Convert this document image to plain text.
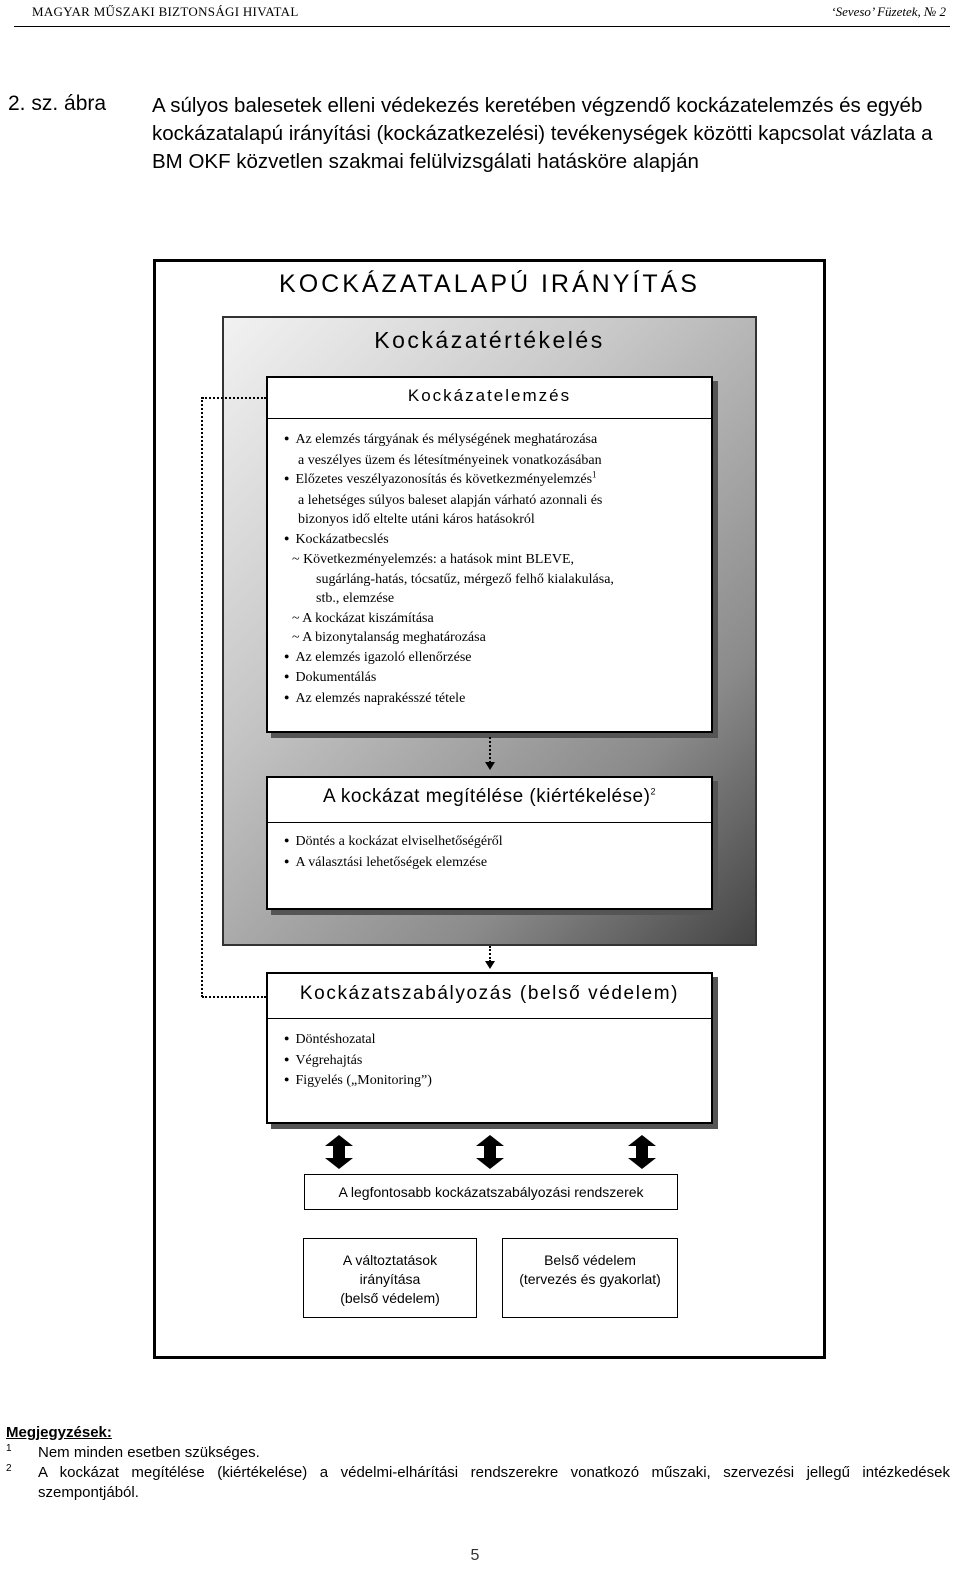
MAGYAR MŰSZAKI BIZTONSÁGI HIVATAL	‘Seveso’ Füzetek, № 2
2. sz. ábra A súlyos balesetek elleni védekezés keretében végzendő kockázatelemzés és egyéb kockázatalapú irányítási (kockázatkezelési) tevékenységek közötti kapcsolat vázlata a BM OKF közvetlen szakmai felülvizsgálati hatásköre alapján
KOCKÁZATALAPÚ IRÁNYÍTÁS
Kockázatértékelés
Kockázatelemzés
● Az elemzés tárgyának és mélységének meghatározása
a veszélyes üzem és létesítményeinek vonatkozásában
● Előzetes veszélyazonosítás és következményelemzés$^1$
a lehetséges súlyos baleset alapján várható azonnali és
bizonyos idő eltelte utáni káros hatásokról
● Kockázatbecslés
~ Következményelemzés: a hatások mint BLEVE,
sugárláng-hatás, tócsatűz, mérgező felhő kialakulása,
stb., elemzése
~ A kockázat kiszámítása
~ A bizonytalanság meghatározása
● Az elemzés igazoló ellenőrzése
● Dokumentálás
● Az elemzés naprakésszé tétele
A kockázat megítélése (kiértékelése)$^2$
● Döntés a kockázat elviselhetőségéről
● A választási lehetőségek elemzése
Kockázatszabályozás (belső védelem)
● Döntéshozatal
● Végrehajtás
● Figyelés („Monitoring”)
A legfontosabb kockázatszabályozási rendszerek
A változtatások
irányítása
(belső védelem)
Belső védelem
(tervezés és gyakorlat)
Megjegyzések:
1 Nem minden esetben szükséges.
2 A kockázat megítélése (kiértékelése) a védelmi-elhárítási rendszerekre vonatkozó műszaki, szervezési jellegű intézkedések szempontjából.
5
